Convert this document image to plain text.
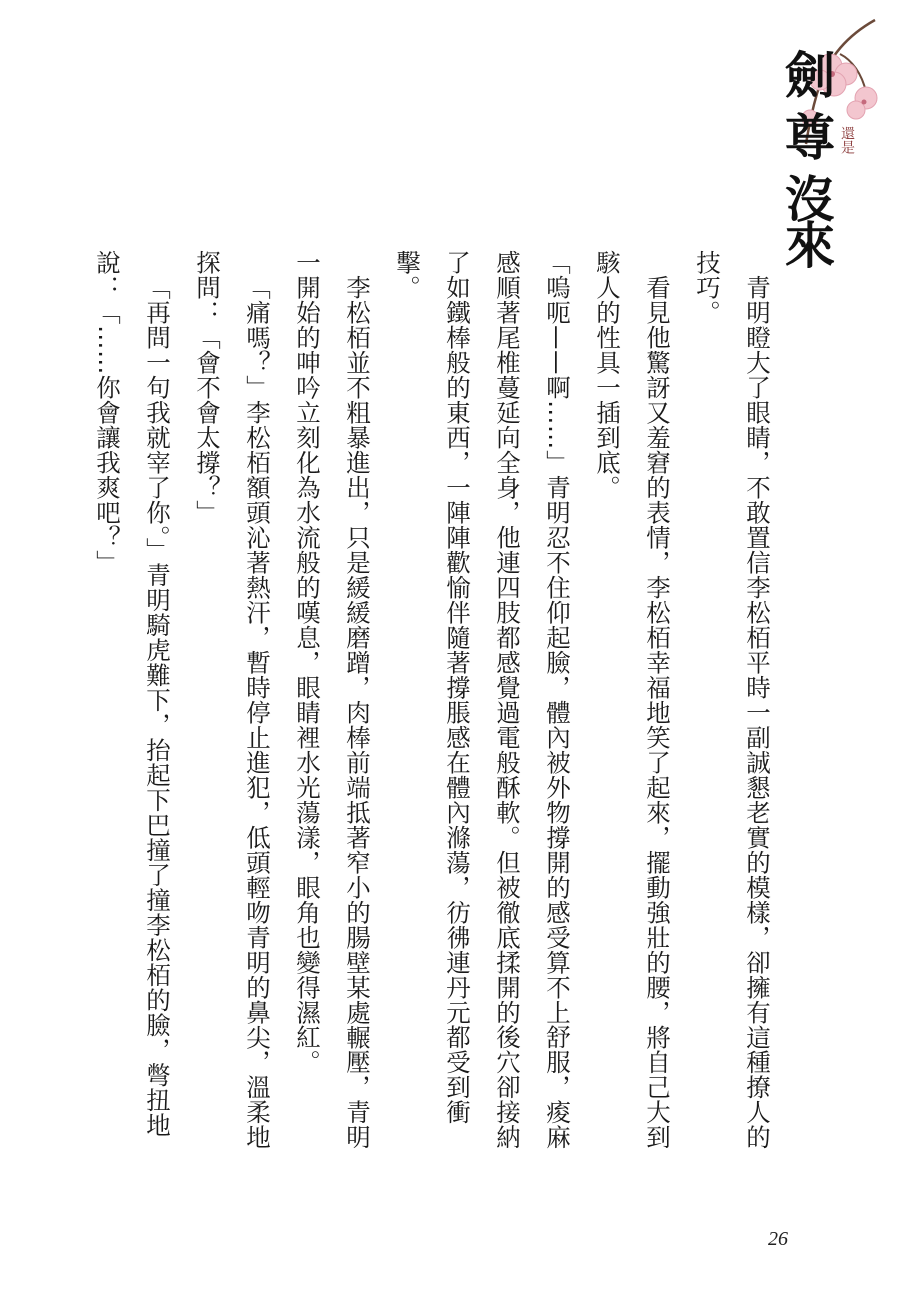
劍
尊
沒
來
還是

青明瞪大了眼睛，不敢置信李松栢平時一副誠懇老實的模樣，卻擁有這種撩人的技巧。

看見他驚訝又羞窘的表情，李松栢幸福地笑了起來，擺動強壯的腰，將自己大到駭人的性具一插到底。

「嗚呃——啊……」青明忍不住仰起臉，體內被外物撐開的感受算不上舒服，痠麻感順著尾椎蔓延向全身，他連四肢都感覺過電般酥軟。但被徹底揉開的後穴卻接納了如鐵棒般的東西，一陣陣歡愉伴隨著撐脹感在體內滌蕩，彷彿連丹元都受到衝擊。

李松栢並不粗暴進出，只是緩緩磨蹭，肉棒前端抵著窄小的腸壁某處輾壓，青明一開始的呻吟立刻化為水流般的嘆息，眼睛裡水光蕩漾，眼角也變得濕紅。

「痛嗎？」李松栢額頭沁著熱汗，暫時停止進犯，低頭輕吻青明的鼻尖，溫柔地探問：「會不會太撐？」

「再問一句我就宰了你。」青明騎虎難下，抬起下巴撞了撞李松栢的臉，彆扭地說：「……你會讓我爽吧？」

26
